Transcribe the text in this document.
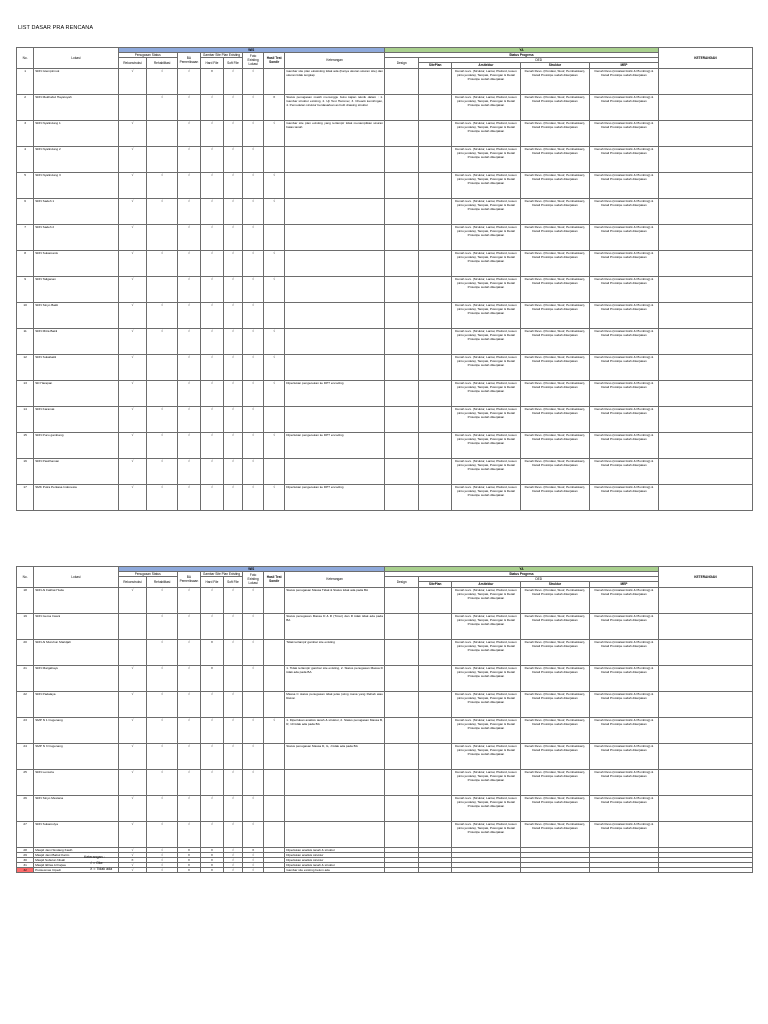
LIST DASAR PRA RENCANA
No.	Lokasi	WIS								YA					KETERANGAN
		Penugasan Status		BA Pemeriksaan	Gambar Site Plan Existing		Foto Existing Lokasi	Hasil Test Sondir	Keterangan	Status Progress					
		Rekonstruksi	Rehabilitasi		Hard File	Soft File				Design	DED				
											SitePlan	Arsitektur	Struktur	MEP	
1	SDN Glempirmuk	√	√	√	X	√	√		Gambar site plan ekssisting tidak ada (hanya ukuran ukuran site) dan ukuran tidak lengkap			Denah revs. (Struktur, Lantai, Plafond, kusen pintu jendela), Tampak, Potongan & Detail Prototipe sudah dikerjakan	Denah Revs. (Pondasi, Sloof, Pembalokan), Detail Prototipe sudah dikerjakan	Denah Revs.(Instalasi listrik & Plumbing) & Detail Prototipe sudah dikerjakan	
2	SDN Mekhabul Hayatuyah		√	√	√	√	√	X	Status penugasan masih menunggu buku kajian teknik dalam : 1. Gambar struktur existing, 2. Uji Test Hammer, 3. Cheack kemiringan, 4. Pemodelan struktur berdasarkan as built drawing struktur			Denah revs. (Struktur, Lantai, Plafond, kusen pintu jendela), Tampak, Potongan & Detail Prototipe sudah dikerjakan	Denah Revs. (Pondasi, Sloof, Pembalokan), Detail Prototipe sudah dikerjakan	Denah Revs.(Instalasi listrik & Plumbing) & Detail Prototipe sudah dikerjakan	
3	SDN Nyalindung 1	√		√	√	√	√	√	Gambar site plan existing yang terlampir tidak menampilkan ukuran batas tanah			Denah revs. (Struktur, Lantai, Plafond, kusen pintu jendela), Tampak, Potongan & Detail Prototipe sudah dikerjakan	Denah Revs. (Pondasi, Sloof, Pembalokan), Detail Prototipe sudah dikerjakan	Denah Revs.(Instalasi listrik & Plumbing) & Detail Prototipe sudah dikerjakan	
4	SDN Nyalindung 2	√		√	√	√	√					Denah revs. (Struktur, Lantai, Plafond, kusen pintu jendela), Tampak, Potongan & Detail Prototipe sudah dikerjakan	Denah Revs. (Pondasi, Sloof, Pembalokan), Detail Prototipe sudah dikerjakan	Denah Revs.(Instalasi listrik & Plumbing) & Detail Prototipe sudah dikerjakan	
5	SDN Nyalindung 3	√	√	√	√	√	√	√				Denah revs. (Struktur, Lantai, Plafond, kusen pintu jendela), Tampak, Potongan & Detail Prototipe sudah dikerjakan	Denah Revs. (Pondasi, Sloof, Pembalokan), Detail Prototipe sudah dikerjakan	Denah Revs.(Instalasi listrik & Plumbing) & Detail Prototipe sudah dikerjakan	
6	SDN Sadeh 1	√	√	√	√	√	√	√				Denah revs. (Struktur, Lantai, Plafond, kusen pintu jendela), Tampak, Potongan & Detail Prototipe sudah dikerjakan	Denah Revs. (Pondasi, Sloof, Pembalokan), Detail Prototipe sudah dikerjakan	Denah Revs.(Instalasi listrik & Plumbing) & Detail Prototipe sudah dikerjakan	
7	SDN Sadeh 2	√		√	√	√	√					Denah revs. (Struktur, Lantai, Plafond, kusen pintu jendela), Tampak, Potongan & Detail Prototipe sudah dikerjakan	Denah Revs. (Pondasi, Sloof, Pembalokan), Detail Prototipe sudah dikerjakan	Denah Revs.(Instalasi listrik & Plumbing) & Detail Prototipe sudah dikerjakan	
8	SDN Sukamanis	√	√	√	√	√	√	√				Denah revs. (Struktur, Lantai, Plafond, kusen pintu jendela), Tampak, Potongan & Detail Prototipe sudah dikerjakan	Denah Revs. (Pondasi, Sloof, Pembalokan), Detail Prototipe sudah dikerjakan	Denah Revs.(Instalasi listrik & Plumbing) & Detail Prototipe sudah dikerjakan	
9	SDN Taliganan	√		√	√	√	√	√				Denah revs. (Struktur, Lantai, Plafond, kusen pintu jendela), Tampak, Potongan & Detail Prototipe sudah dikerjakan	Denah Revs. (Pondasi, Sloof, Pembalokan), Detail Prototipe sudah dikerjakan	Denah Revs.(Instalasi listrik & Plumbing) & Detail Prototipe sudah dikerjakan	
10	SDN Sinyo Bakti	√	√	√	√	√	√					Denah revs. (Struktur, Lantai, Plafond, kusen pintu jendela), Tampak, Potongan & Detail Prototipe sudah dikerjakan	Denah Revs. (Pondasi, Sloof, Pembalokan), Detail Prototipe sudah dikerjakan	Denah Revs.(Instalasi listrik & Plumbing) & Detail Prototipe sudah dikerjakan	
11	SDN Mitra Bakti	√	√	√	√	√	√	√				Denah revs. (Struktur, Lantai, Plafond, kusen pintu jendela), Tampak, Potongan & Detail Prototipe sudah dikerjakan	Denah Revs. (Pondasi, Sloof, Pembalokan), Detail Prototipe sudah dikerjakan	Denah Revs.(Instalasi listrik & Plumbing) & Detail Prototipe sudah dikerjakan	
12	SDN Sukabakti	√		√	√	√	√	√				Denah revs. (Struktur, Lantai, Plafond, kusen pintu jendela), Tampak, Potongan & Detail Prototipe sudah dikerjakan	Denah Revs. (Pondasi, Sloof, Pembalokan), Detail Prototipe sudah dikerjakan	Denah Revs.(Instalasi listrik & Plumbing) & Detail Prototipe sudah dikerjakan	
13	SD Harapan	√		√	√	√	√	√	Dipertukan pengecekan ke DPT encoding			Denah revs. (Struktur, Lantai, Plafond, kusen pintu jendela), Tampak, Potongan & Detail Prototipe sudah dikerjakan	Denah Revs. (Pondasi, Sloof, Pembalokan), Detail Prototipe sudah dikerjakan	Denah Revs.(Instalasi listrik & Plumbing) & Detail Prototipe sudah dikerjakan	
14	SDN Karamat	√	√	√	√	√	√					Denah revs. (Struktur, Lantai, Plafond, kusen pintu jendela), Tampak, Potongan & Detail Prototipe sudah dikerjakan	Denah Revs. (Pondasi, Sloof, Pembalokan), Detail Prototipe sudah dikerjakan	Denah Revs.(Instalasi listrik & Plumbing) & Detail Prototipe sudah dikerjakan	
15	SDN Puco gambang	√	√	√	√	√	√	√	Dipertukan pengecekan ke DPT encoding			Denah revs. (Struktur, Lantai, Plafond, kusen pintu jendela), Tampak, Potongan & Detail Prototipe sudah dikerjakan	Denah Revs. (Pondasi, Sloof, Pembalokan), Detail Prototipe sudah dikerjakan	Denah Revs.(Instalasi listrik & Plumbing) & Detail Prototipe sudah dikerjakan	
16	SDN Pasirhaman	√	√	√	√	√	√					Denah revs. (Struktur, Lantai, Plafond, kusen pintu jendela), Tampak, Potongan & Detail Prototipe sudah dikerjakan	Denah Revs. (Pondasi, Sloof, Pembalokan), Detail Prototipe sudah dikerjakan	Denah Revs.(Instalasi listrik & Plumbing) & Detail Prototipe sudah dikerjakan	
17	SMK Putra Perkasa Indonesia	√	√	√	√	√	√	√	Dipertukan pengecekan ke DPT encoding			Denah revs. (Struktur, Lantai, Plafond, kusen pintu jendela), Tampak, Potongan & Detail Prototipe sudah dikerjakan	Denah Revs. (Pondasi, Sloof, Pembalokan), Detail Prototipe sudah dikerjakan	Denah Revs.(Instalasi listrik & Plumbing) & Detail Prototipe sudah dikerjakan	
No.	Lokasi	WIS								YA					KETERANGAN
		Penugasan Status		BA Pemeriksaan	Gambar Site Plan Existing		Foto Existing Lokasi	Hasil Test Sondir	Keterangan	Status Progress					
		Rekonstruksi	Rehabilitasi		Hard File	Soft File				Design	DED				
											SitePlan	Arsitektur	Struktur	MEP	
18	SDN Al Fatihat Huda	√	√	√	√	√	√		Status penugasan Massa Tidak & Status tidak ada pada BA			Denah revs. (Struktur, Lantai, Plafond, kusen pintu jendela), Tampak, Potongan & Detail Prototipe sudah dikerjakan	Denah Revs. (Pondasi, Sloof, Pembalokan), Detail Prototipe sudah dikerjakan	Denah Revs.(Instalasi listrik & Plumbing) & Detail Prototipe sudah dikerjakan	
19	SDN Gema Insani		√	√	√	√	√		Status penugasan Massa D & R (Timur) dan R tidak tidak ada pada BA			Denah revs. (Struktur, Lantai, Plafond, kusen pintu jendela), Tampak, Potongan & Detail Prototipe sudah dikerjakan	Denah Revs. (Pondasi, Sloof, Pembalokan), Detail Prototipe sudah dikerjakan	Denah Revs.(Instalasi listrik & Plumbing) & Detail Prototipe sudah dikerjakan	
20	SDN Al Muruhun Maridjah		√	√	X	√	√		Tidak terlampir gambar site existing			Denah revs. (Struktur, Lantai, Plafond, kusen pintu jendela), Tampak, Potongan & Detail Prototipe sudah dikerjakan	Denah Revs. (Pondasi, Sloof, Pembalokan), Detail Prototipe sudah dikerjakan	Denah Revs.(Instalasi listrik & Plumbing) & Detail Prototipe sudah dikerjakan	
21	SDN Margahayu	√	√	√	X		√		1. Tidak terlampir gambar site existing, 2. Status penugasan Massa D tidak ada pada BA			Denah revs. (Struktur, Lantai, Plafond, kusen pintu jendela), Tampak, Potongan & Detail Prototipe sudah dikerjakan	Denah Revs. (Pondasi, Sloof, Pembalokan), Detail Prototipe sudah dikerjakan	Denah Revs.(Instalasi listrik & Plumbing) & Detail Prototipe sudah dikerjakan	
22	SDN Padalaya	√	√	√	√	√			Massa C status penugasan tidak jelas (wing mana yang Rehab atau Rekon			Denah revs. (Struktur, Lantai, Plafond, kusen pintu jendela), Tampak, Potongan & Detail Prototipe sudah dikerjakan	Denah Revs. (Pondasi, Sloof, Pembalokan), Detail Prototipe sudah dikerjakan	Denah Revs.(Instalasi listrik & Plumbing) & Detail Prototipe sudah dikerjakan	
23	SMP N 1 Cugenang	√	√	√	√	√	√	√	1. Diperlukan analisis tanah & struktur, 2. Status penugasan Massa B, R, 10 tidak ada pada BA			Denah revs. (Struktur, Lantai, Plafond, kusen pintu jendela), Tampak, Potongan & Detail Prototipe sudah dikerjakan	Denah Revs. (Pondasi, Sloof, Pembalokan), Detail Prototipe sudah dikerjakan	Denah Revs.(Instalasi listrik & Plumbing) & Detail Prototipe sudah dikerjakan	
24	SMP N 3 Cugenang	√	√	√	√	√	√		Status penugasan Massa D, G, J tidak ada pada BA			Denah revs. (Struktur, Lantai, Plafond, kusen pintu jendela), Tampak, Potongan & Detail Prototipe sudah dikerjakan	Denah Revs. (Pondasi, Sloof, Pembalokan), Detail Prototipe sudah dikerjakan	Denah Revs.(Instalasi listrik & Plumbing) & Detail Prototipe sudah dikerjakan	
25	SDN Lemuria	√	√	√	√	√	√					Denah revs. (Struktur, Lantai, Plafond, kusen pintu jendela), Tampak, Potongan & Detail Prototipe sudah dikerjakan	Denah Revs. (Pondasi, Sloof, Pembalokan), Detail Prototipe sudah dikerjakan	Denah Revs.(Instalasi listrik & Plumbing) & Detail Prototipe sudah dikerjakan	
26	SDN Sinyo Mestana	√	√	√	√	√	√					Denah revs. (Struktur, Lantai, Plafond, kusen pintu jendela), Tampak, Potongan & Detail Prototipe sudah dikerjakan	Denah Revs. (Pondasi, Sloof, Pembalokan), Detail Prototipe sudah dikerjakan	Denah Revs.(Instalasi listrik & Plumbing) & Detail Prototipe sudah dikerjakan	
27	SDN Sukamulya	√	√	√	√	√	√					Denah revs. (Struktur, Lantai, Plafond, kusen pintu jendela), Tampak, Potongan & Detail Prototipe sudah dikerjakan	Denah Revs. (Pondasi, Sloof, Pembalokan), Detail Prototipe sudah dikerjakan	Denah Revs.(Instalasi listrik & Plumbing) & Detail Prototipe sudah dikerjakan	
28	Masjid Jami Sindang Kasih	√	√	X	X	√	X		Diperlukan analisis tanah & struktur						
29	Masjid Jami Babul Karim	√	√	X	X	√	√		Diperlukan analisis struktur						
30	Masjid Subulun Nisah	X	√	X	X	√	√		Diperlukan analisis struktur						
31	Masjid Ikhlas Al Fajwa	√	√	X	X	√	√		Diperlukan analisis tanah & struktur						
32	Puskesmas Cipedi	√	√	X	X	√	√		Gambar site existing belum ada						
Keterangan :
√ = Oke
X = Tidak ada
